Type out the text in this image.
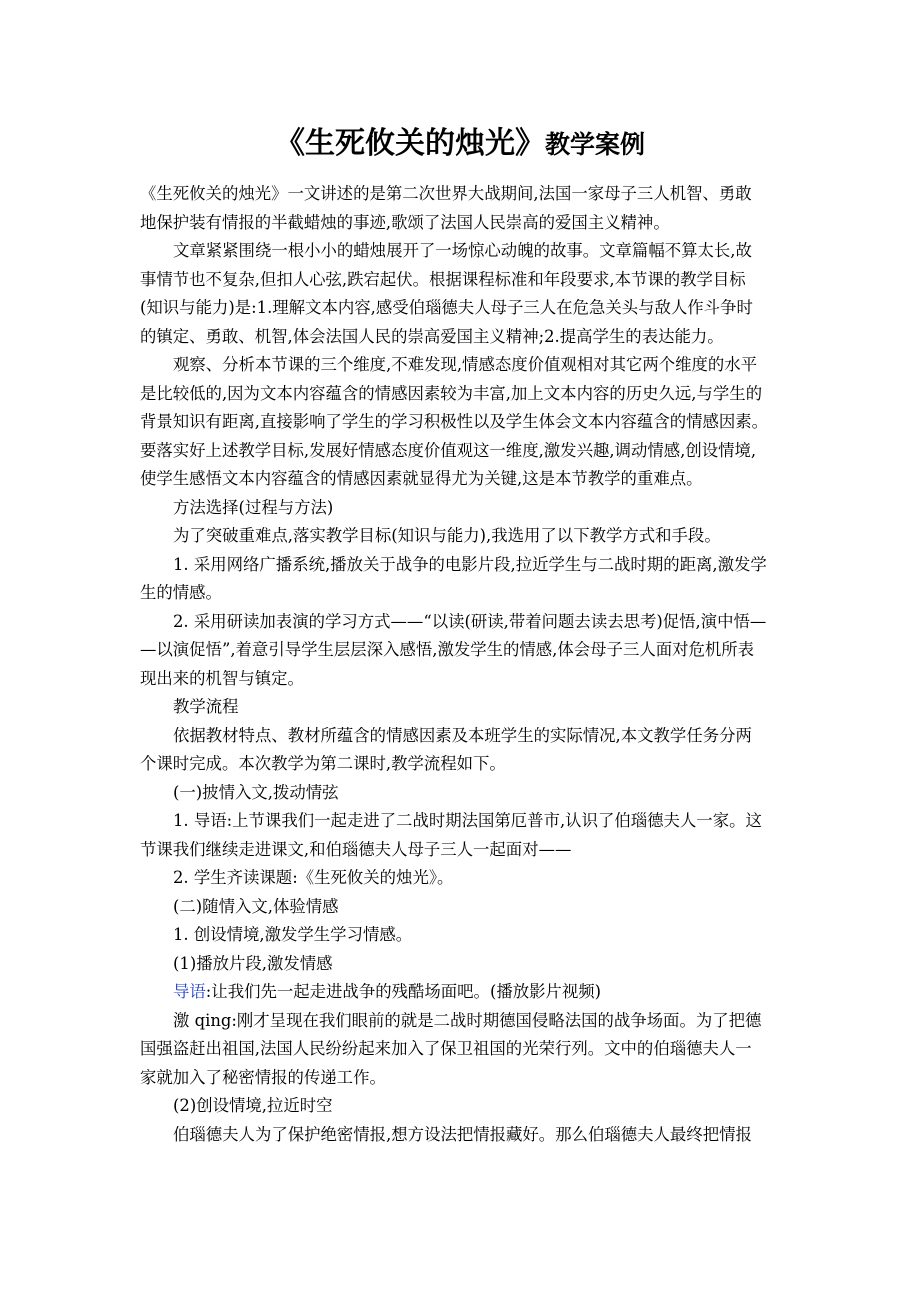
《生死攸关的烛光》教学案例

《生死攸关的烛光》一文讲述的是第二次世界大战期间,法国一家母子三人机智、勇敢

地保护装有情报的半截蜡烛的事迹,歌颂了法国人民崇高的爱国主义精神。

文章紧紧围绕一根小小的蜡烛展开了一场惊心动魄的故事。文章篇幅不算太长,故

事情节也不复杂,但扣人心弦,跌宕起伏。根据课程标准和年段要求,本节课的教学目标

(知识与能力)是:1.理解文本内容,感受伯瑙德夫人母子三人在危急关头与敌人作斗争时

的镇定、勇敢、机智,体会法国人民的崇高爱国主义精神;2.提高学生的表达能力。

观察、分析本节课的三个维度,不难发现,情感态度价值观相对其它两个维度的水平

是比较低的,因为文本内容蕴含的情感因素较为丰富,加上文本内容的历史久远,与学生的

背景知识有距离,直接影响了学生的学习积极性以及学生体会文本内容蕴含的情感因素。

要落实好上述教学目标,发展好情感态度价值观这一维度,激发兴趣,调动情感,创设情境,

使学生感悟文本内容蕴含的情感因素就显得尤为关键,这是本节教学的重难点。

方法选择(过程与方法)

为了突破重难点,落实教学目标(知识与能力),我选用了以下教学方式和手段。

1. 采用网络广播系统,播放关于战争的电影片段,拉近学生与二战时期的距离,激发学

生的情感。

2. 采用研读加表演的学习方式——“以读(研读,带着问题去读去思考)促悟,演中悟—

—以演促悟”,着意引导学生层层深入感悟,激发学生的情感,体会母子三人面对危机所表

现出来的机智与镇定。

教学流程

依据教材特点、教材所蕴含的情感因素及本班学生的实际情况,本文教学任务分两

个课时完成。本次教学为第二课时,教学流程如下。

(一)披情入文,拨动情弦

1. 导语:上节课我们一起走进了二战时期法国第厄普市,认识了伯瑙德夫人一家。这

节课我们继续走进课文,和伯瑙德夫人母子三人一起面对——

2. 学生齐读课题:《生死攸关的烛光》。

(二)随情入文,体验情感

1. 创设情境,激发学生学习情感。

(1)播放片段,激发情感

导语:让我们先一起走进战争的残酷场面吧。(播放影片视频)

激 qing:刚才呈现在我们眼前的就是二战时期德国侵略法国的战争场面。为了把德

国强盗赶出祖国,法国人民纷纷起来加入了保卫祖国的光荣行列。文中的伯瑙德夫人一

家就加入了秘密情报的传递工作。

(2)创设情境,拉近时空

伯瑙德夫人为了保护绝密情报,想方设法把情报藏好。那么伯瑙德夫人最终把情报
